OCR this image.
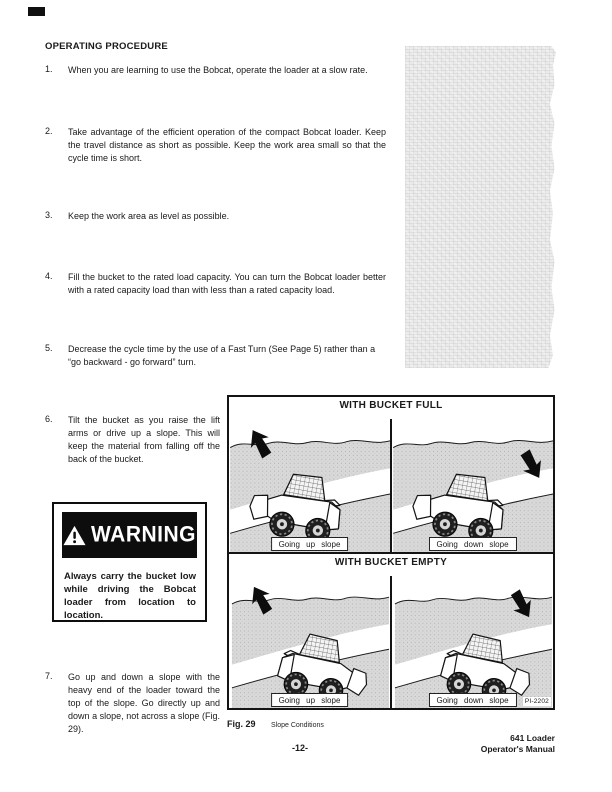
OPERATING PROCEDURE
1. When you are learning to use the Bobcat, operate the loader at a slow rate.
2. Take advantage of the efficient operation of the compact Bobcat loader. Keep the travel distance as short as possible. Keep the work area small so that the cycle time is short.
3. Keep the work area as level as possible.
4. Fill the bucket to the rated load capacity. You can turn the Bobcat loader better with a rated capacity load than with less than a rated capacity load.
5. Decrease the cycle time by the use of a Fast Turn (See Page 5) rather than a “go backward - go forward” turn.
6. Tilt the bucket as you raise the lift arms or drive up a slope. This will keep the material from falling off the back of the bucket.
7. Go up and down a slope with the heavy end of the loader toward the top of the slope. Go directly up and down a slope, not across a slope (Fig. 29).
WARNING
Always carry the bucket low while driving the Bobcat loader from location to location.
WITH BUCKET FULL
Going up slope	Going down slope
WITH BUCKET EMPTY
Going up slope	Going down slope	PI-2202
Fig. 29 Slope Conditions
-12-
641 Loader
Operator's Manual
